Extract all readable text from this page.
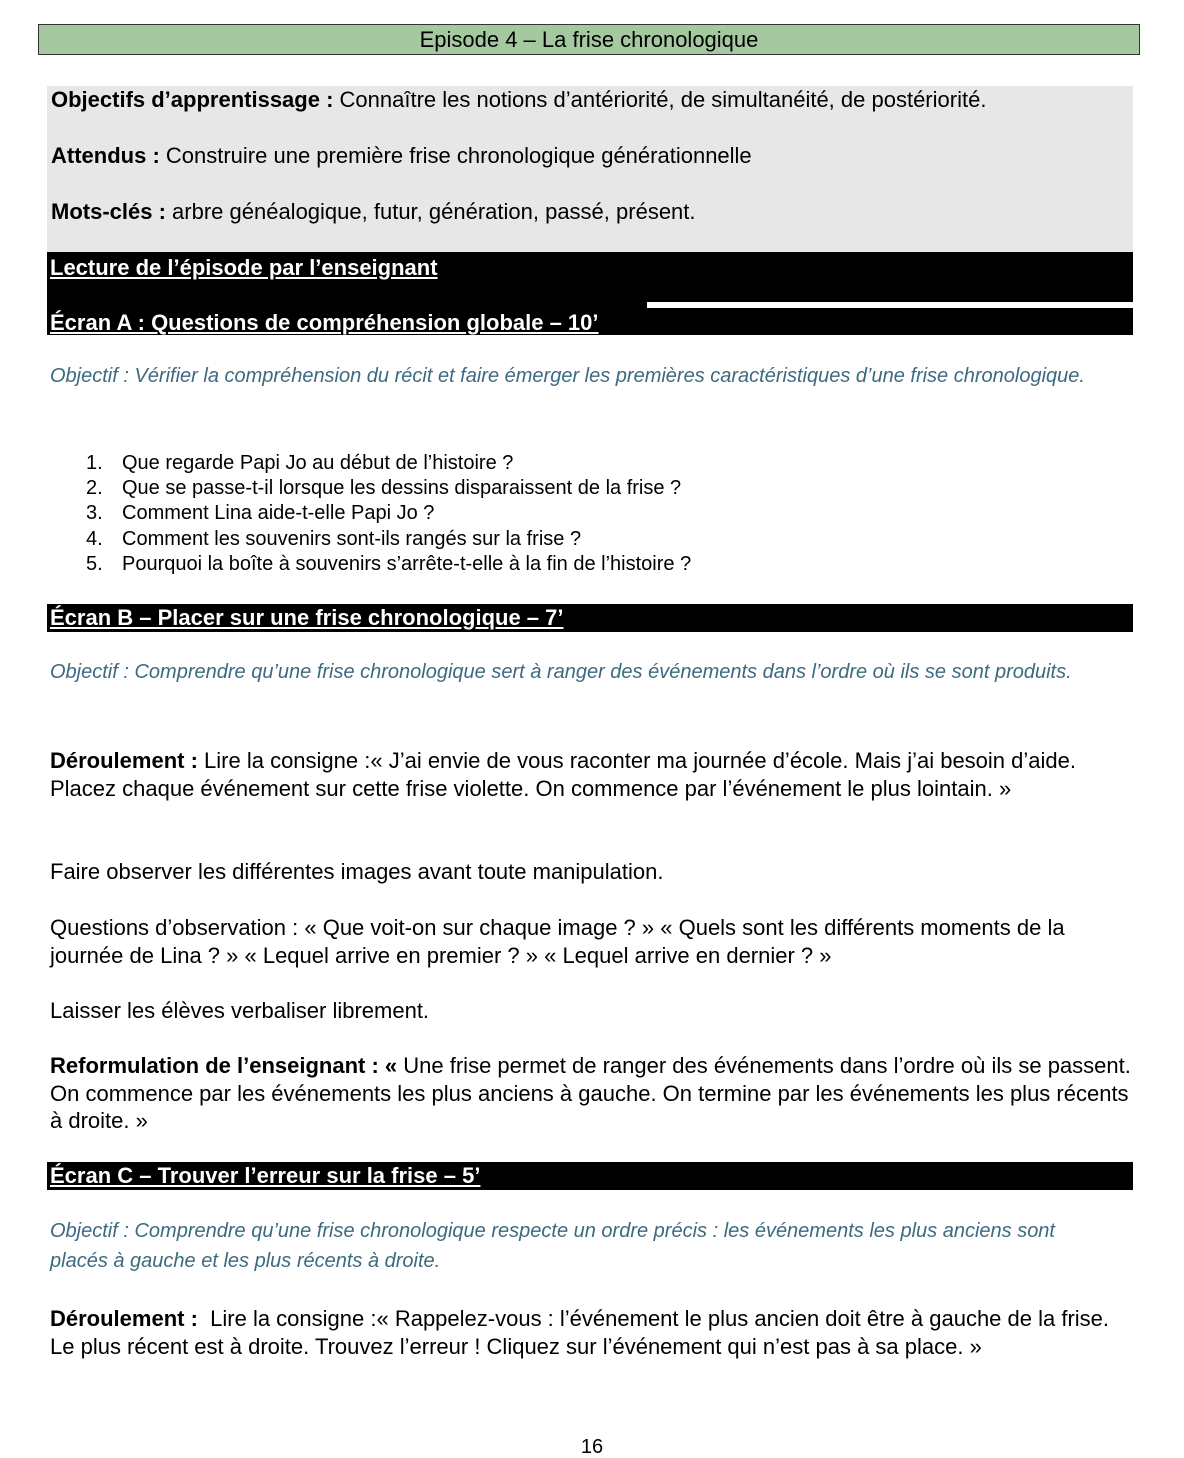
Episode 4 – La frise chronologique
Objectifs d’apprentissage : Connaître les notions d’antériorité, de simultanéité, de postériorité.
Attendus : Construire une première frise chronologique générationnelle
Mots-clés : arbre généalogique, futur, génération, passé, présent.
Lecture de l’épisode par l’enseignant
Écran A : Questions de compréhension globale – 10’
Objectif : Vérifier la compréhension du récit et faire émerger les premières caractéristiques d’une frise chronologique.
1. Que regarde Papi Jo au début de l’histoire ?
2. Que se passe-t-il lorsque les dessins disparaissent de la frise ?
3. Comment Lina aide-t-elle Papi Jo ?
4. Comment les souvenirs sont-ils rangés sur la frise ?
5. Pourquoi la boîte à souvenirs s’arrête-t-elle à la fin de l’histoire ?
Écran B – Placer sur une frise chronologique – 7’
Objectif : Comprendre qu’une frise chronologique sert à ranger des événements dans l’ordre où ils se sont produits.
Déroulement : Lire la consigne :« J’ai envie de vous raconter ma journée d’école. Mais j’ai besoin d’aide. Placez chaque événement sur cette frise violette. On commence par l’événement le plus lointain. »
Faire observer les différentes images avant toute manipulation.
Questions d’observation : « Que voit-on sur chaque image ? » « Quels sont les différents moments de la journée de Lina ? » « Lequel arrive en premier ? » « Lequel arrive en dernier ? »
Laisser les élèves verbaliser librement.
Reformulation de l’enseignant : « Une frise permet de ranger des événements dans l’ordre où ils se passent. On commence par les événements les plus anciens à gauche. On termine par les événements les plus récents à droite. »
Écran C – Trouver l’erreur sur la frise – 5’
Objectif : Comprendre qu’une frise chronologique respecte un ordre précis : les événements les plus anciens sont placés à gauche et les plus récents à droite.
Déroulement :  Lire la consigne :« Rappelez-vous : l’événement le plus ancien doit être à gauche de la frise. Le plus récent est à droite. Trouvez l’erreur ! Cliquez sur l’événement qui n’est pas à sa place. »
16
